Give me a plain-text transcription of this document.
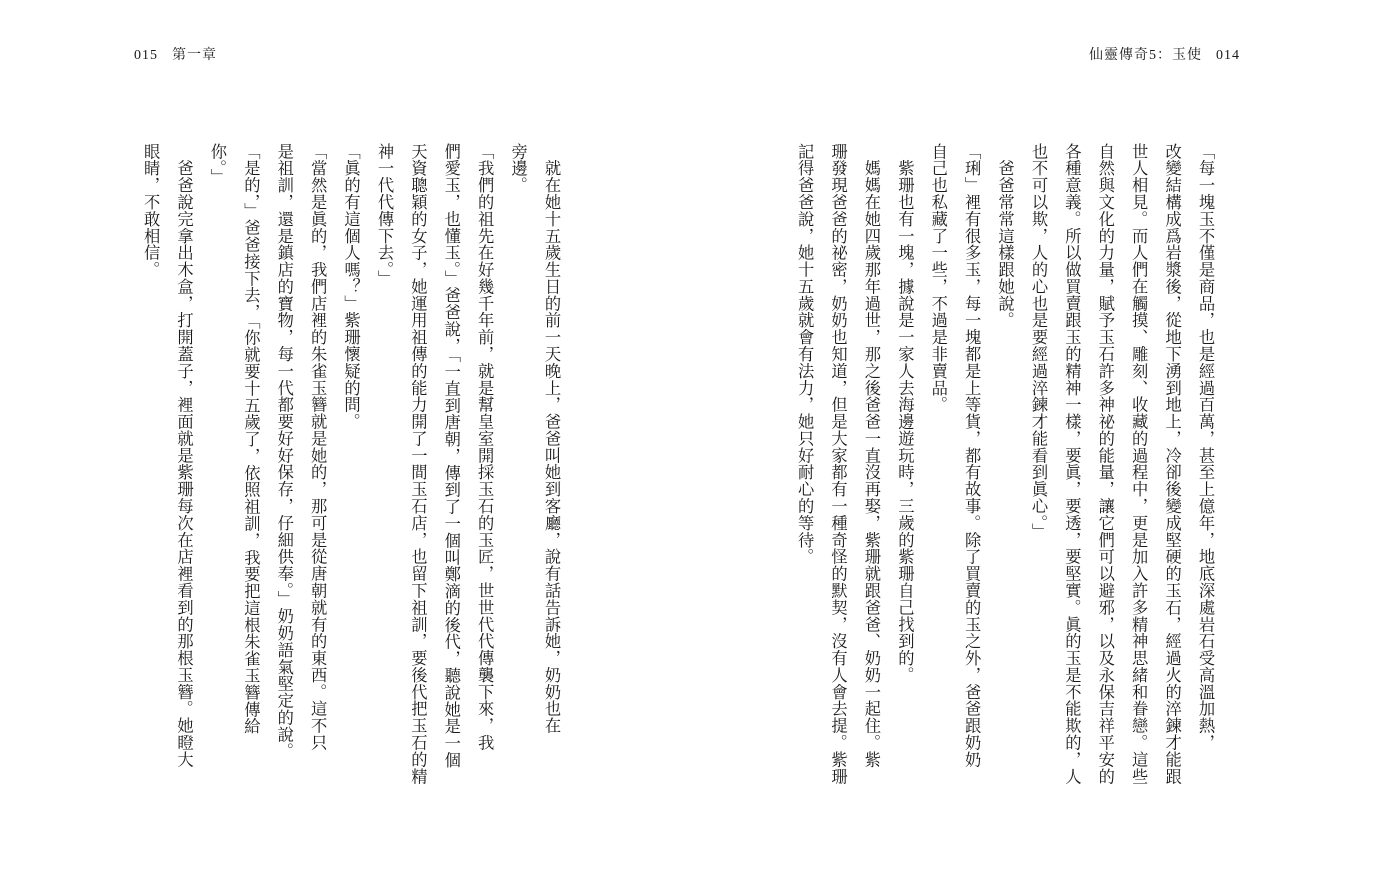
015 第一章	仙靈傳奇5：玉使 014
「每一塊玉不僅是商品，也是經過百萬，甚至上億年，地底深處岩石受高溫加熱，
改變結構成爲岩漿後，從地下湧到地上，冷卻後變成堅硬的玉石，經過火的淬鍊才能跟
世人相見。而人們在觸摸、雕刻、收藏的過程中，更是加入許多精神思緒和眷戀。這些
自然與文化的力量，賦予玉石許多神祕的能量，讓它們可以避邪，以及永保吉祥平安的
各種意義。所以做買賣跟玉的精神一樣，要眞，要透，要堅實。眞的玉是不能欺的，人
也不可以欺，人的心也是要經過淬鍊才能看到眞心。」
　爸爸常常這樣跟她說。
「琍」裡有很多玉，每一塊都是上等貨，都有故事。除了買賣的玉之外，爸爸跟奶奶
自己也私藏了一些，不過是非賣品。
　紫珊也有一塊，據說是一家人去海邊遊玩時，三歲的紫珊自己找到的。
　媽媽在她四歲那年過世，那之後爸爸一直沒再娶，紫珊就跟爸爸、奶奶一起住。紫
珊發現爸爸的祕密，奶奶也知道，但是大家都有一種奇怪的默契，沒有人會去提。紫珊
記得爸爸說，她十五歲就會有法力，她只好耐心的等待。
　就在她十五歲生日的前一天晚上，爸爸叫她到客廳，說有話告訴她，奶奶也在
旁邊。
「我們的祖先在好幾千年前，就是幫皇室開採玉石的玉匠，世世代代傳襲下來，我
們愛玉，也懂玉。」爸爸說，「一直到唐朝，傳到了一個叫鄭滴的後代，聽說她是一個
天資聰穎的女子，她運用祖傳的能力開了一間玉石店，也留下祖訓，要後代把玉石的精
神一代代傳下去。」
「眞的有這個人嗎？」紫珊懷疑的問。
「當然是眞的，我們店裡的朱雀玉簪就是她的，那可是從唐朝就有的東西。這不只
是祖訓，還是鎮店的寶物，每一代都要好好保存，仔細供奉。」奶奶語氣堅定的說。
「是的，」爸爸接下去，「你就要十五歲了，依照祖訓，我要把這根朱雀玉簪傳給
你。」
　爸爸說完拿出木盒，打開蓋子，裡面就是紫珊每次在店裡看到的那根玉簪。她瞪大
眼睛，不敢相信。
